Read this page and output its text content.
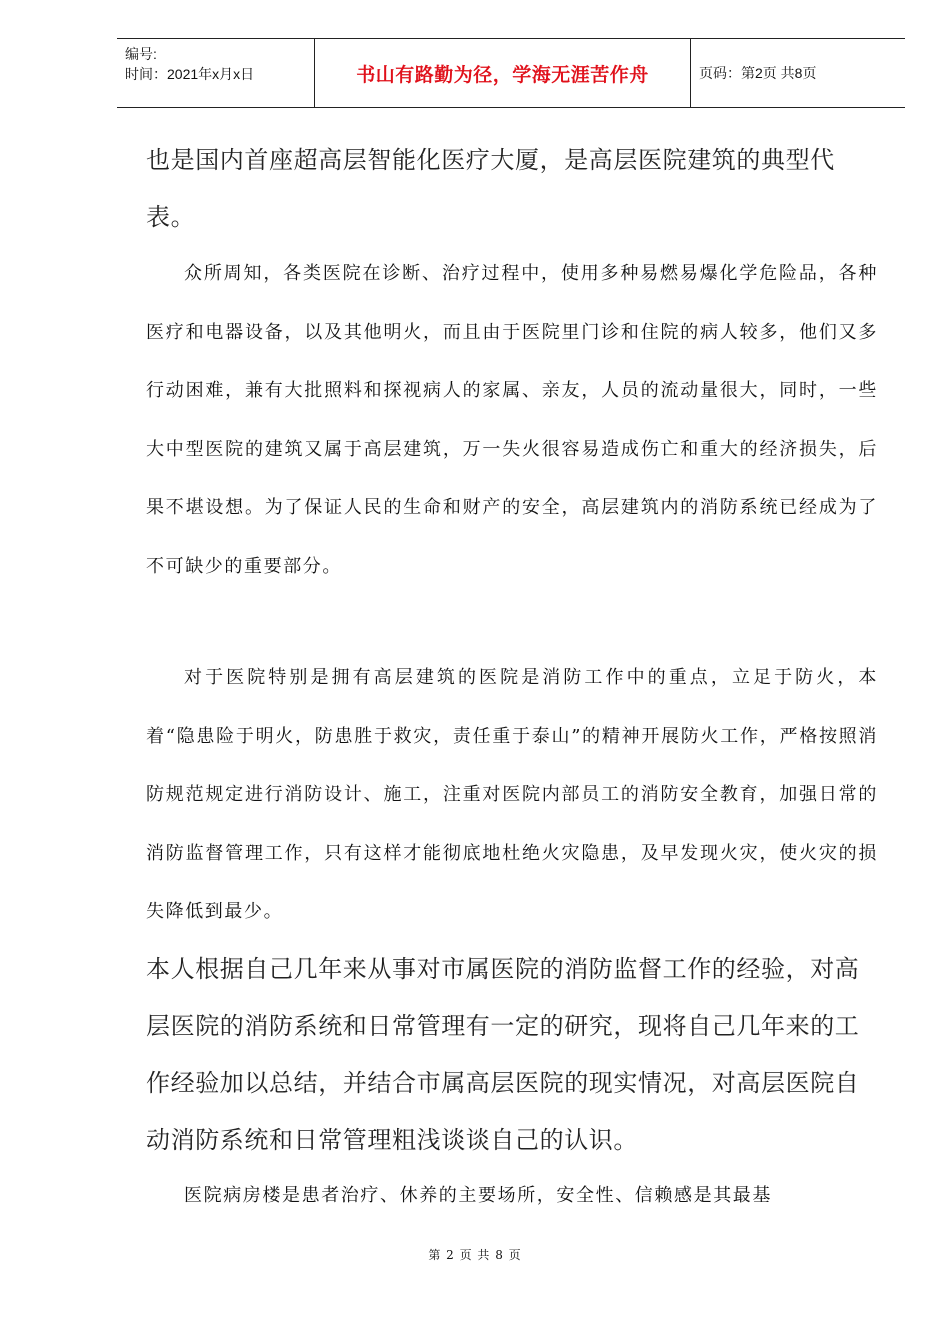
编号:
时间：2021年x月x日	书山有路勤为径，学海无涯苦作舟	页码：第2页 共8页

也是国内首座超高层智能化医疗大厦，是高层医院建筑的典型代表。

众所周知，各类医院在诊断、治疗过程中，使用多种易燃易爆化学危险品，各种医疗和电器设备，以及其他明火，而且由于医院里门诊和住院的病人较多，他们又多行动困难，兼有大批照料和探视病人的家属、亲友，人员的流动量很大，同时，一些大中型医院的建筑又属于高层建筑，万一失火很容易造成伤亡和重大的经济损失，后果不堪设想。为了保证人民的生命和财产的安全，高层建筑内的消防系统已经成为了不可缺少的重要部分。

对于医院特别是拥有高层建筑的医院是消防工作中的重点，立足于防火，本着“隐患险于明火，防患胜于救灾，责任重于泰山”的精神开展防火工作，严格按照消防规范规定进行消防设计、施工，注重对医院内部员工的消防安全教育，加强日常的消防监督管理工作，只有这样才能彻底地杜绝火灾隐患，及早发现火灾，使火灾的损失降低到最少。

本人根据自己几年来从事对市属医院的消防监督工作的经验，对高层医院的消防系统和日常管理有一定的研究，现将自己几年来的工作经验加以总结，并结合市属高层医院的现实情况，对高层医院自动消防系统和日常管理粗浅谈谈自己的认识。

医院病房楼是患者治疗、休养的主要场所，安全性、信赖感是其最基

第 2 页 共 8 页
